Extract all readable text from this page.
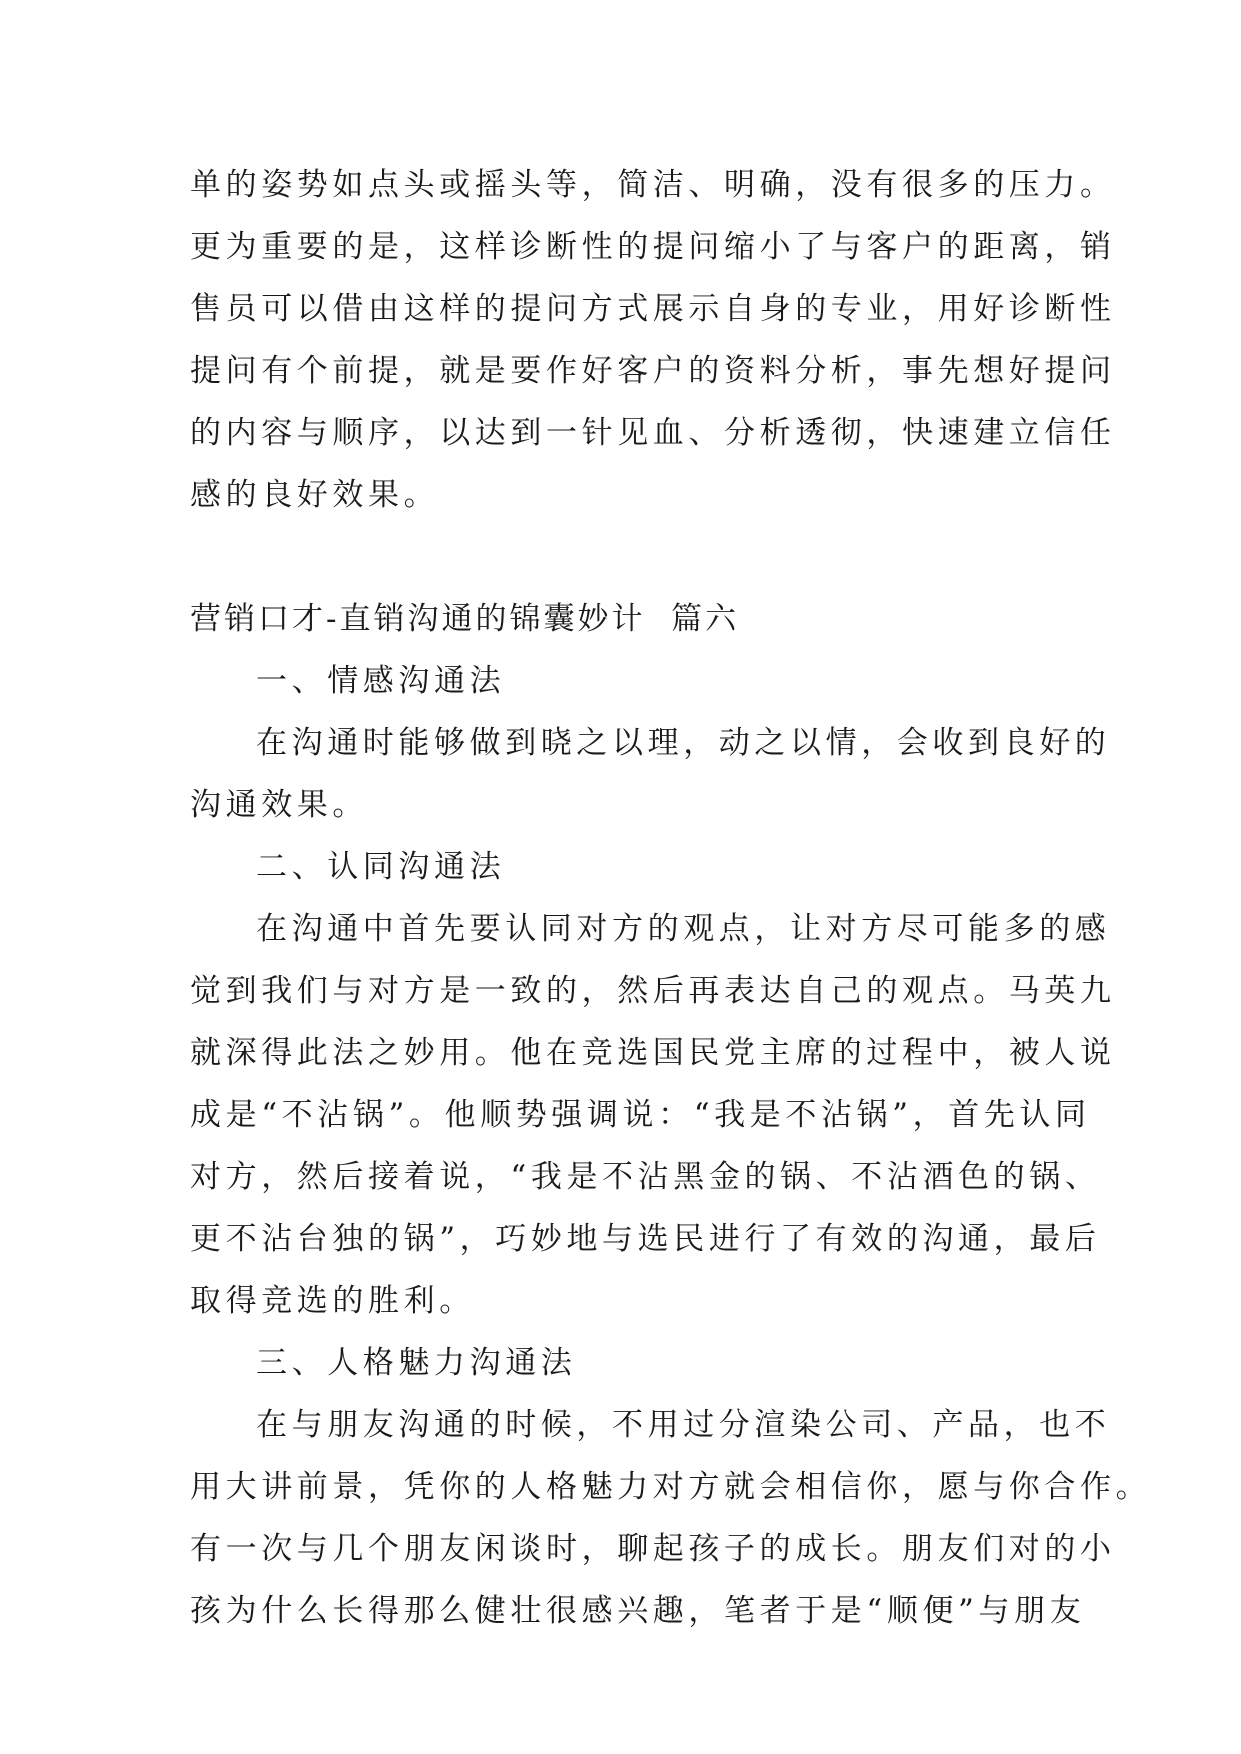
单的姿势如点头或摇头等，简洁、明确，没有很多的压力。
更为重要的是，这样诊断性的提问缩小了与客户的距离，销
售员可以借由这样的提问方式展示自身的专业，用好诊断性
提问有个前提，就是要作好客户的资料分析，事先想好提问
的内容与顺序，以达到一针见血、分析透彻，快速建立信任
感的良好效果。

营销口才-直销沟通的锦囊妙计  篇六

一、情感沟通法
在沟通时能够做到晓之以理，动之以情，会收到良好的
沟通效果。

二、认同沟通法
在沟通中首先要认同对方的观点，让对方尽可能多的感
觉到我们与对方是一致的，然后再表达自己的观点。马英九
就深得此法之妙用。他在竞选国民党主席的过程中，被人说
成是“不沾锅”。他顺势强调说：“我是不沾锅”，首先认同
对方，然后接着说，“我是不沾黑金的锅、不沾酒色的锅、
更不沾台独的锅”，巧妙地与选民进行了有效的沟通，最后
取得竞选的胜利。

三、人格魅力沟通法
在与朋友沟通的时候，不用过分渲染公司、产品，也不
用大讲前景，凭你的人格魅力对方就会相信你，愿与你合作。
有一次与几个朋友闲谈时，聊起孩子的成长。朋友们对的小
孩为什么长得那么健壮很感兴趣，笔者于是“顺便”与朋友
